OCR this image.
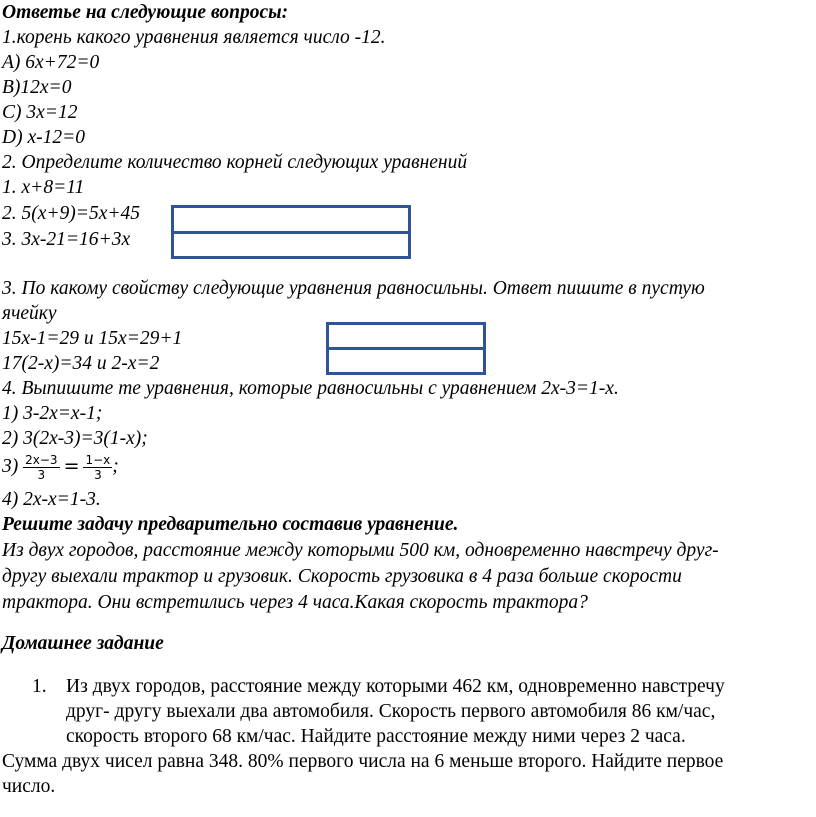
Ответьe на следующие вопросы:
1.корень какого уравнения является число -12.
A) 6x+72=0
B)12x=0
C) 3x=12
D) x-12=0
2. Определите количество корней следующих уравнений
1. x+8=11
2. 5(x+9)=5x+45
3. 3x-21=16+3x
3. По какому свойству следующие уравнения равносильны. Ответ пишите в пустую
ячейку
15x-1=29 и 15x=29+1
17(2-x)=34 и 2-x=2
4. Выпишите те уравнения, которые равносильны с уравнением 2x-3=1-x.
1) 3-2x=x-1;
2) 3(2x-3)=3(1-x);
$3) \frac{2x-3}{3} = \frac{1-x}{3}$ ;
4) 2x-x=1-3.
Решите задачу предварительно составив уравнение.
Из двух городов, расстояние между которыми 500 км, одновременно навстречу друг-
другу выехали трактор и грузовик. Скорость грузовика в 4 раза больше скорости
трактора. Они встретились через 4 часа.Какая скорость трактора?
Домашнее задание
1. Из двух городов, расстояние между которыми 462 км, одновременно навстречу
друг- другу выехали два автомобиля. Скорость первого автомобиля 86 км/час,
скорость второго 68 км/час. Найдите расстояние между ними через 2 часа.
Сумма двух чисел равна 348. 80% первого числа на 6 меньше второго. Найдите первое
число.
